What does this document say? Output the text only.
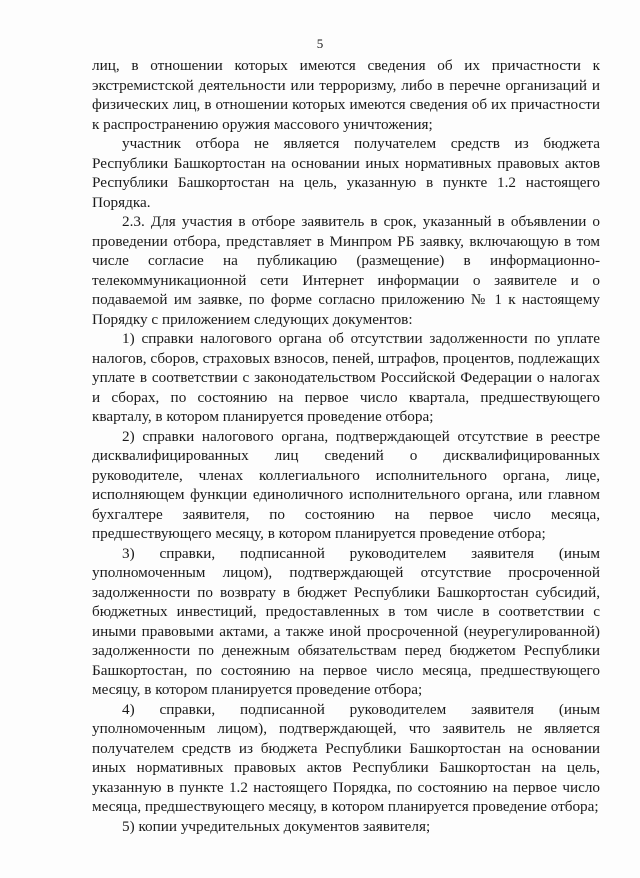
5

лиц, в отношении которых имеются сведения об их причастности к экстремистской деятельности или терроризму, либо в перечне организаций и физических лиц, в отношении которых имеются сведения об их причастности к распространению оружия массового уничтожения;

участник отбора не является получателем средств из бюджета Республики Башкортостан на основании иных нормативных правовых актов Республики Башкортостан на цель, указанную в пункте 1.2 настоящего Порядка.

2.3. Для участия в отборе заявитель в срок, указанный в объявлении о проведении отбора, представляет в Минпром РБ заявку, включающую в том числе согласие на публикацию (размещение) в информационно-телекоммуникационной сети Интернет информации о заявителе и о подаваемой им заявке, по форме согласно приложению № 1 к настоящему Порядку с приложением следующих документов:

1) справки налогового органа об отсутствии задолженности по уплате налогов, сборов, страховых взносов, пеней, штрафов, процентов, подлежащих уплате в соответствии с законодательством Российской Федерации о налогах и сборах, по состоянию на первое число квартала, предшествующего кварталу, в котором планируется проведение отбора;

2) справки налогового органа, подтверждающей отсутствие в реестре дисквалифицированных лиц сведений о дисквалифицированных руководителе, членах коллегиального исполнительного органа, лице, исполняющем функции единоличного исполнительного органа, или главном бухгалтере заявителя, по состоянию на первое число месяца, предшествующего месяцу, в котором планируется проведение отбора;

3) справки, подписанной руководителем заявителя (иным уполномоченным лицом), подтверждающей отсутствие просроченной задолженности по возврату в бюджет Республики Башкортостан субсидий, бюджетных инвестиций, предоставленных в том числе в соответствии с иными правовыми актами, а также иной просроченной (неурегулированной) задолженности по денежным обязательствам перед бюджетом Республики Башкортостан, по состоянию на первое число месяца, предшествующего месяцу, в котором планируется проведение отбора;

4) справки, подписанной руководителем заявителя (иным уполномоченным лицом), подтверждающей, что заявитель не является получателем средств из бюджета Республики Башкортостан на основании иных нормативных правовых актов Республики Башкортостан на цель, указанную в пункте 1.2 настоящего Порядка, по состоянию на первое число месяца, предшествующего месяцу, в котором планируется проведение отбора;

5) копии учредительных документов заявителя;
